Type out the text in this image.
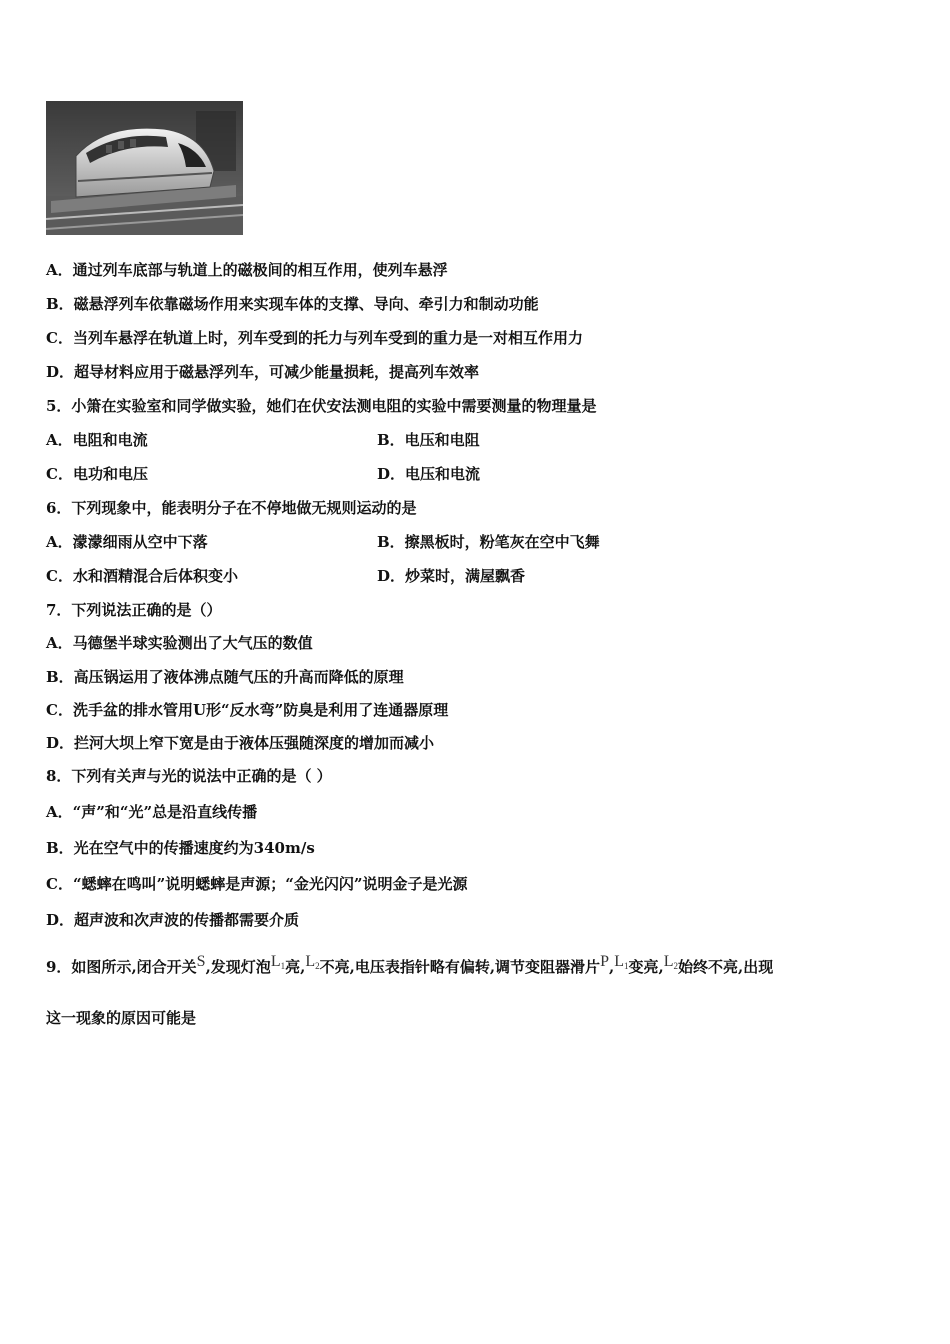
A．通过列车底部与轨道上的磁极间的相互作用，使列车悬浮
B．磁悬浮列车依靠磁场作用来实现车体的支撑、导向、牵引力和制动功能
C．当列车悬浮在轨道上时，列车受到的托力与列车受到的重力是一对相互作用力
D．超导材料应用于磁悬浮列车，可减少能量损耗，提高列车效率
5．小箫在实验室和同学做实验，她们在伏安法测电阻的实验中需要测量的物理量是
A．电阻和电流	B．电压和电阻
C．电功和电压	D．电压和电流
6．下列现象中，能表明分子在不停地做无规则运动的是
A．濛濛细雨从空中下落	B．擦黑板时，粉笔灰在空中飞舞
C．水和酒精混合后体积变小	D．炒菜时，满屋飘香
7．下列说法正确的是（）
A．马德堡半球实验测出了大气压的数值
B．高压锅运用了液体沸点随气压的升高而降低的原理
C．洗手盆的排水管用U形“反水弯”防臭是利用了连通器原理
D．拦河大坝上窄下宽是由于液体压强随深度的增加而减小
8．下列有关声与光的说法中正确的是（ ）
A．“声”和“光”总是沿直线传播
B．光在空气中的传播速度约为340m/s
C．“蟋蟀在鸣叫”说明蟋蟀是声源；“金光闪闪”说明金子是光源
D．超声波和次声波的传播都需要介质
9．如图所示,闭合开关S,发现灯泡L1亮,L2不亮,电压表指针略有偏转,调节变阻器滑片P,L1变亮,L2始终不亮,出现
这一现象的原因可能是
